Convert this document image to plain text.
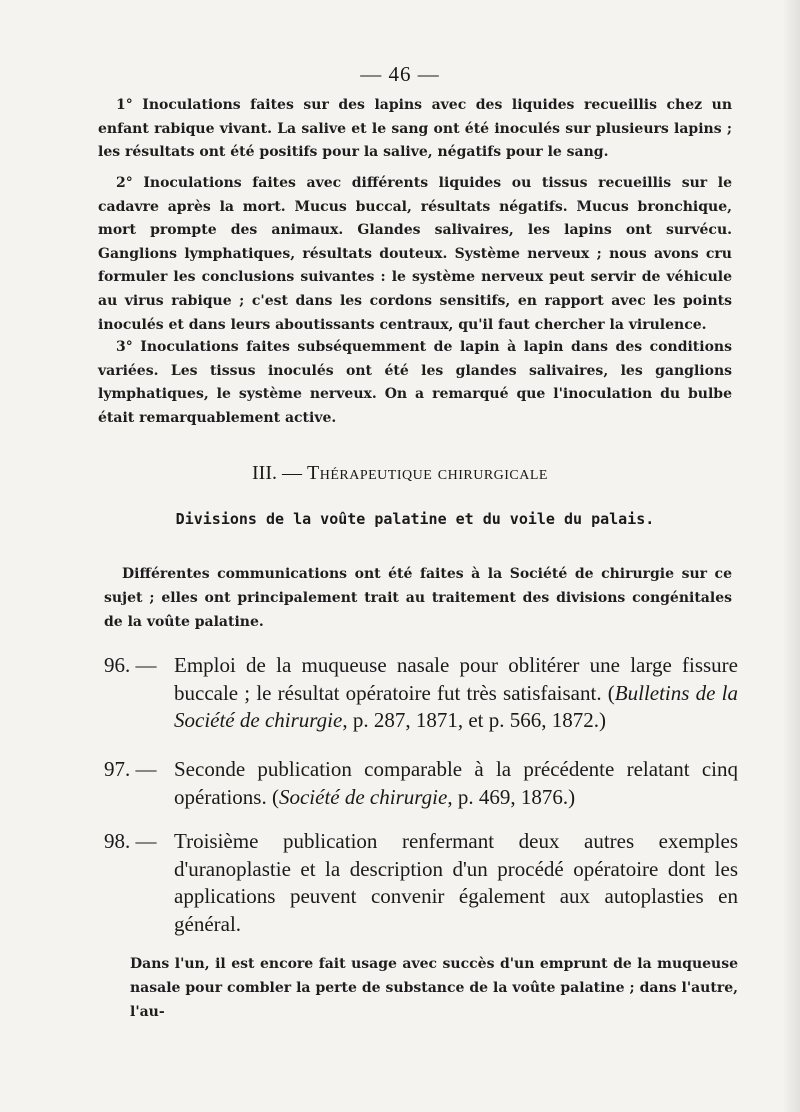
— 46 —

1° Inoculations faites sur des lapins avec des liquides recueillis chez un enfant rabique vivant. La salive et le sang ont été inoculés sur plusieurs lapins ; les résultats ont été positifs pour la salive, négatifs pour le sang.

2° Inoculations faites avec différents liquides ou tissus recueillis sur le cadavre après la mort. Mucus buccal, résultats négatifs. Mucus bronchique, mort prompte des animaux. Glandes salivaires, les lapins ont survécu. Ganglions lymphatiques, résultats douteux. Système nerveux ; nous avons cru formuler les conclusions suivantes : le système nerveux peut servir de véhicule au virus rabique ; c'est dans les cordons sensitifs, en rapport avec les points inoculés et dans leurs aboutissants centraux, qu'il faut chercher la virulence.

3° Inoculations faites subséquemment de lapin à lapin dans des conditions variées. Les tissus inoculés ont été les glandes salivaires, les ganglions lymphatiques, le système nerveux. On a remarqué que l'inoculation du bulbe était remarquablement active.

III. — Thérapeutique chirurgicale
Divisions de la voûte palatine et du voile du palais.

Différentes communications ont été faites à la Société de chirurgie sur ce sujet ; elles ont principalement trait au traitement des divisions congénitales de la voûte palatine.

96. — Emploi de la muqueuse nasale pour oblitérer une large fissure buccale ; le résultat opératoire fut très satisfaisant. (Bulletins de la Société de chirurgie, p. 287, 1871, et p. 566, 1872.)
97. — Seconde publication comparable à la précédente relatant cinq opérations. (Société de chirurgie, p. 469, 1876.)
98. — Troisième publication renfermant deux autres exemples d'uranoplastie et la description d'un procédé opératoire dont les applications peuvent convenir également aux autoplasties en général.

Dans l'un, il est encore fait usage avec succès d'un emprunt de la muqueuse nasale pour combler la perte de substance de la voûte palatine ; dans l'autre, l'au-
